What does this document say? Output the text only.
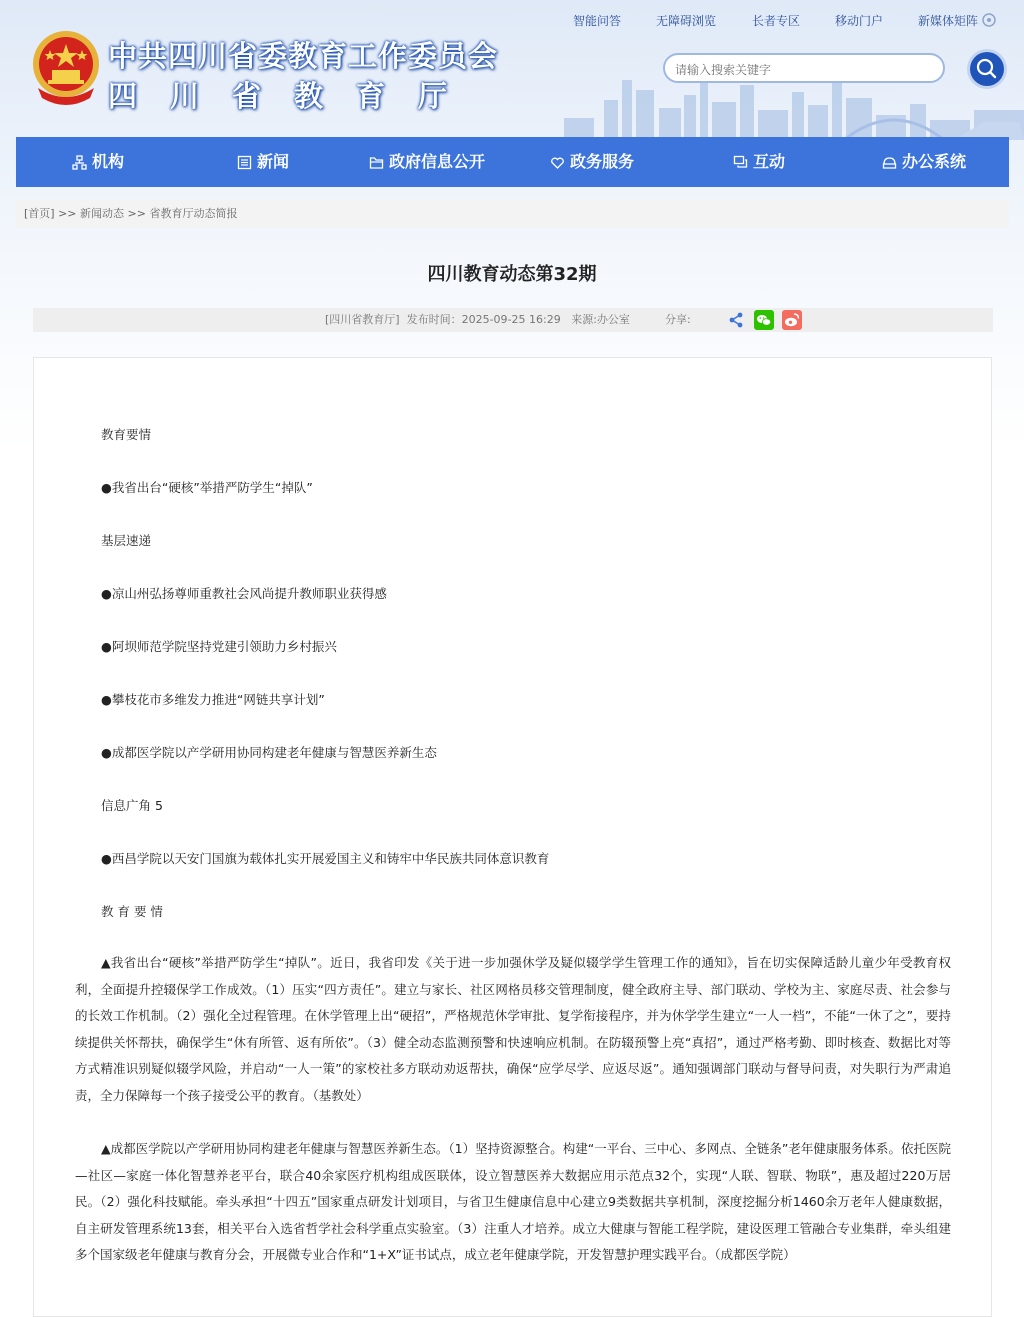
中共四川省委教育工作委员会
四川省教育厅
智能问答	无障碍浏览	长者专区	移动门户	新媒体矩阵
请输入搜索关键字
机构	新闻	政府信息公开	政务服务	互动	办公系统
[首页] >> 新闻动态 >> 省教育厅动态简报
四川教育动态第32期
[四川省教育厅] 发布时间：2025-09-25 16:29 来源:办公室	分享:
教育要情
●我省出台“硬核”举措严防学生“掉队”
基层速递
●凉山州弘扬尊师重教社会风尚提升教师职业获得感
●阿坝师范学院坚持党建引领助力乡村振兴
●攀枝花市多维发力推进“网链共享计划”
●成都医学院以产学研用协同构建老年健康与智慧医养新生态
信息广角 5
●西昌学院以天安门国旗为载体扎实开展爱国主义和铸牢中华民族共同体意识教育
教 育 要 情

▲我省出台“硬核”举措严防学生“掉队”。近日，我省印发《关于进一步加强休学及疑似辍学学生管理工作的通知》，旨在切实保障适龄儿童少年受教育权利，全面提升控辍保学工作成效。（1）压实“四方责任”。建立与家长、社区网格员移交管理制度，健全政府主导、部门联动、学校为主、家庭尽责、社会参与的长效工作机制。（2）强化全过程管理。在休学管理上出“硬招”，严格规范休学审批、复学衔接程序，并为休学学生建立“一人一档”，不能“一休了之”，要持续提供关怀帮扶，确保学生“休有所管、返有所依”。（3）健全动态监测预警和快速响应机制。在防辍预警上亮“真招”，通过严格考勤、即时核查、数据比对等方式精准识别疑似辍学风险，并启动“一人一策”的家校社多方联动劝返帮扶，确保“应学尽学、应返尽返”。通知强调部门联动与督导问责，对失职行为严肃追责，全力保障每一个孩子接受公平的教育。（基教处）

▲成都医学院以产学研用协同构建老年健康与智慧医养新生态。（1）坚持资源整合。构建“一平台、三中心、多网点、全链条”老年健康服务体系。依托医院—社区—家庭一体化智慧养老平台，联合40余家医疗机构组成医联体，设立智慧医养大数据应用示范点32个，实现“人联、智联、物联”，惠及超过220万居民。（2）强化科技赋能。牵头承担“十四五”国家重点研发计划项目，与省卫生健康信息中心建立9类数据共享机制，深度挖掘分析1460余万老年人健康数据，自主研发管理系统13套，相关平台入选省哲学社会科学重点实验室。（3）注重人才培养。成立大健康与智能工程学院，建设医理工管融合专业集群，牵头组建多个国家级老年健康与教育分会，开展微专业合作和“1+X”证书试点，成立老年健康学院，开发智慧护理实践平台。（成都医学院）
